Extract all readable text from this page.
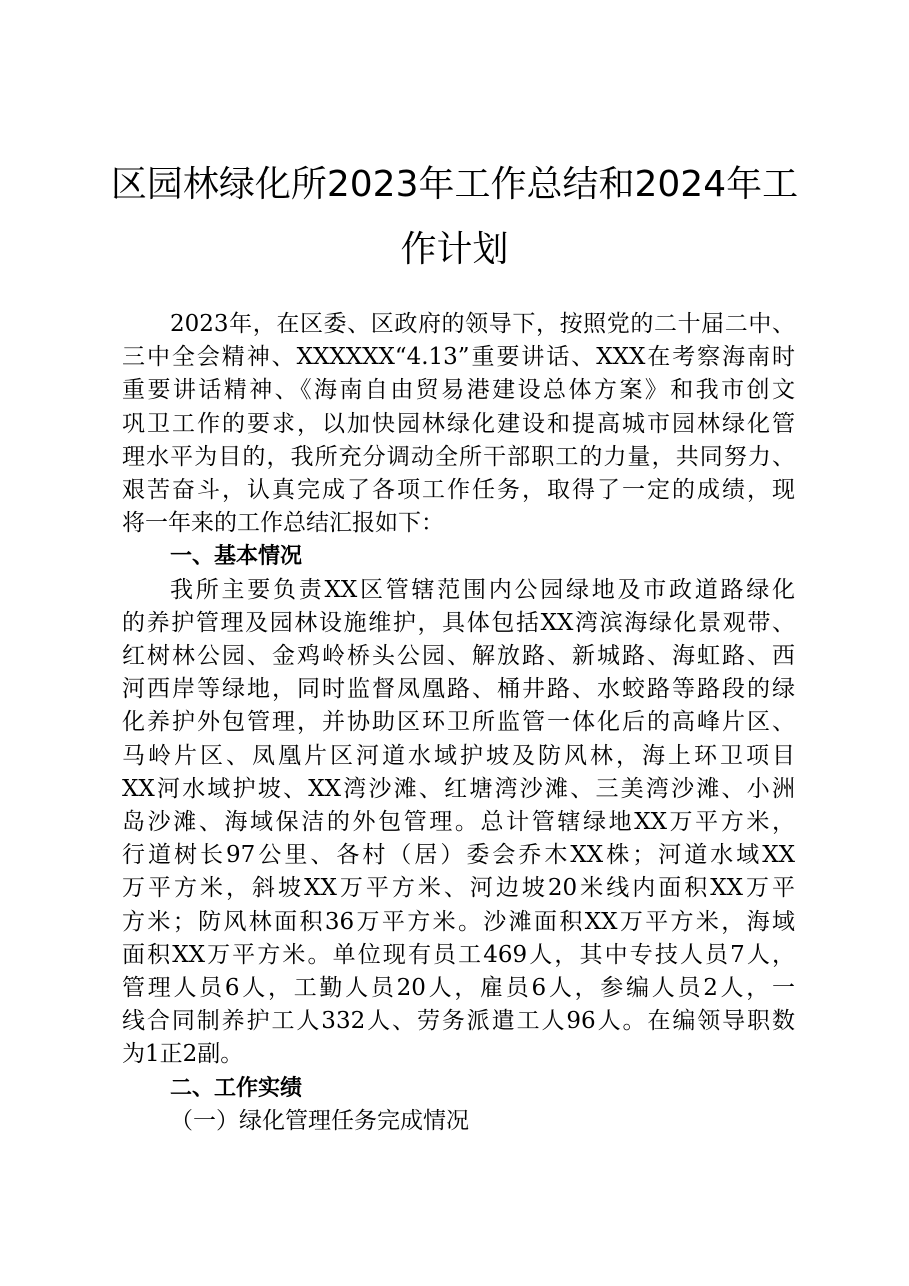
区园林绿化所2023年工作总结和2024年工
作计划
2023年，在区委、区政府的领导下，按照党的二十届二中、
三中全会精神、XXXXXX“4.13”重要讲话、XXX在考察海南时
重要讲话精神、《海南自由贸易港建设总体方案》和我市创文
巩卫工作的要求，以加快园林绿化建设和提高城市园林绿化管
理水平为目的，我所充分调动全所干部职工的力量，共同努力、
艰苦奋斗，认真完成了各项工作任务，取得了一定的成绩，现
将一年来的工作总结汇报如下：
一、基本情况
我所主要负责XX区管辖范围内公园绿地及市政道路绿化
的养护管理及园林设施维护，具体包括XX湾滨海绿化景观带、
红树林公园、金鸡岭桥头公园、解放路、新城路、海虹路、西
河西岸等绿地，同时监督凤凰路、桶井路、水蛟路等路段的绿
化养护外包管理，并协助区环卫所监管一体化后的高峰片区、
马岭片区、凤凰片区河道水域护坡及防风林，海上环卫项目
XX河水域护坡、XX湾沙滩、红塘湾沙滩、三美湾沙滩、小洲
岛沙滩、海域保洁的外包管理。总计管辖绿地XX万平方米，
行道树长97公里、各村（居）委会乔木XX株；河道水域XX
万平方米，斜坡XX万平方米、河边坡20米线内面积XX万平
方米；防风林面积36万平方米。沙滩面积XX万平方米，海域
面积XX万平方米。单位现有员工469人，其中专技人员7人，
管理人员6人，工勤人员20人，雇员6人，参编人员2人，一
线合同制养护工人332人、劳务派遣工人96人。在编领导职数
为1正2副。
二、工作实绩
（一）绿化管理任务完成情况
